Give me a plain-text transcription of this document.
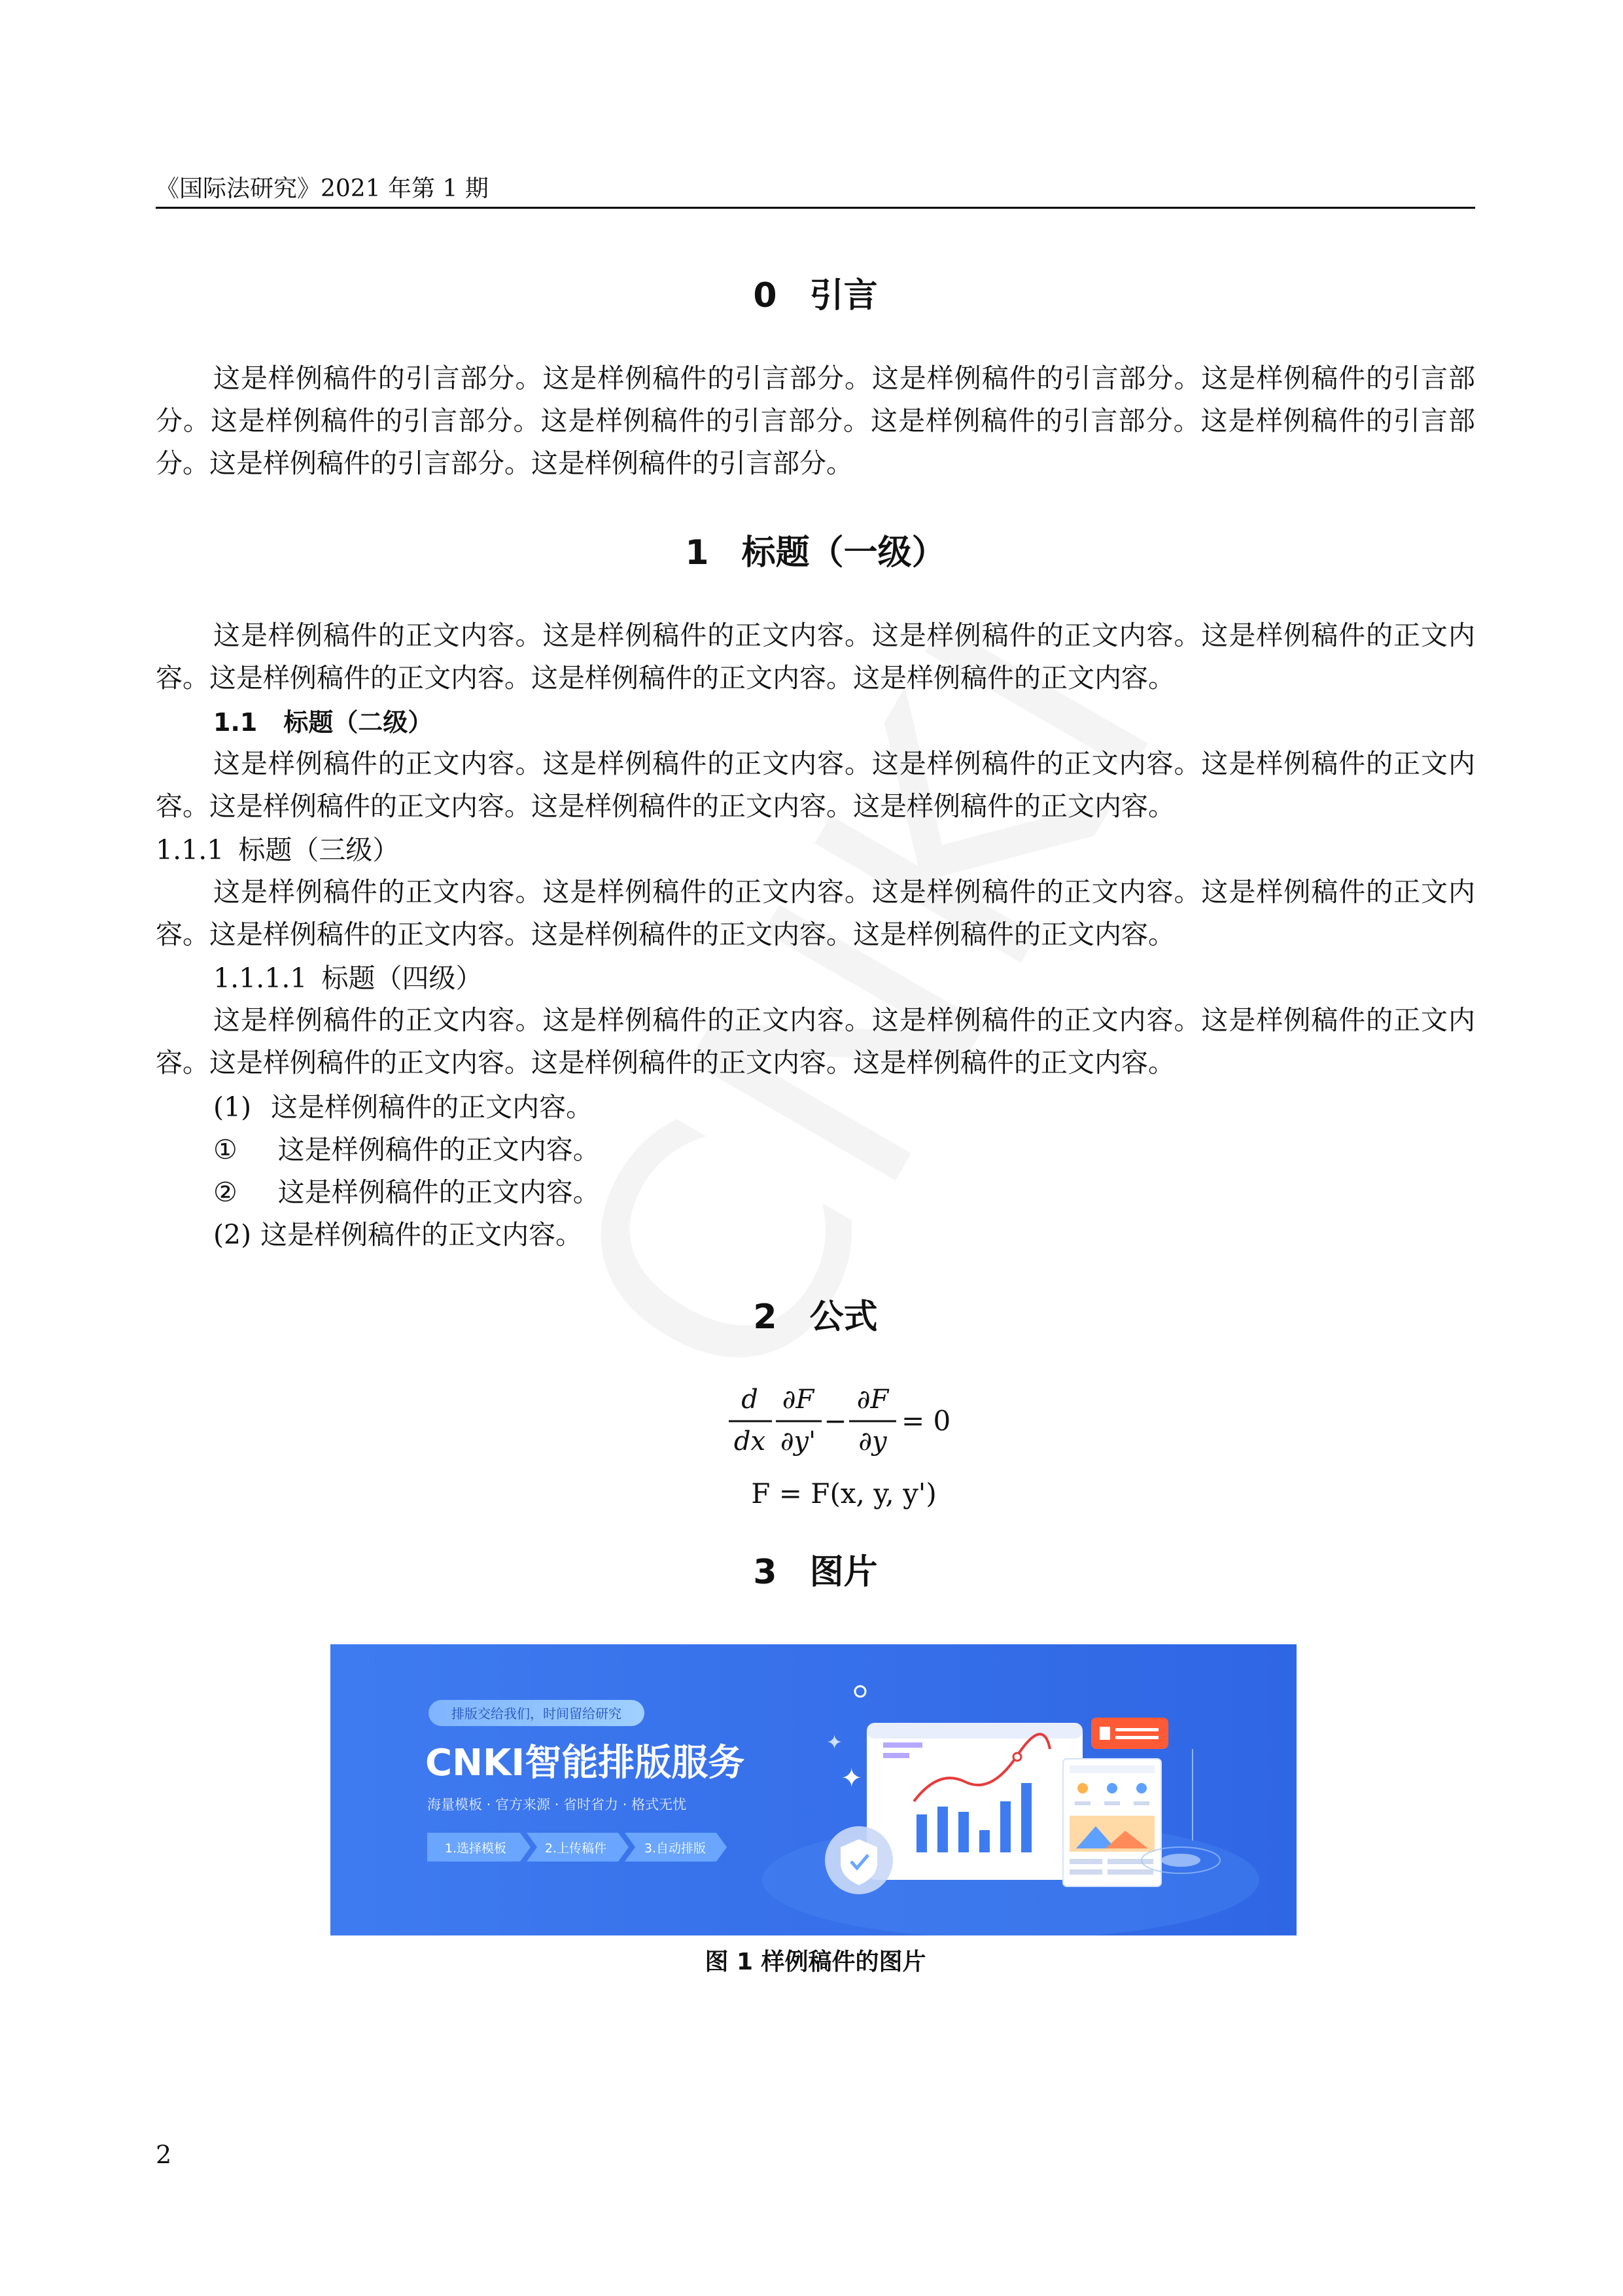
《国际法研究》2021 年第 1 期
0 引言
这是样例稿件的引言部分。这是样例稿件的引言部分。这是样例稿件的引言部分。这是样例稿件的引言部分。这是样例稿件的引言部分。这是样例稿件的引言部分。这是样例稿件的引言部分。这是样例稿件的引言部分。这是样例稿件的引言部分。这是样例稿件的引言部分。
1 标题（一级）
这是样例稿件的正文内容。这是样例稿件的正文内容。这是样例稿件的正文内容。这是样例稿件的正文内容。这是样例稿件的正文内容。这是样例稿件的正文内容。这是样例稿件的正文内容。
1.1 标题（二级）
这是样例稿件的正文内容。这是样例稿件的正文内容。这是样例稿件的正文内容。这是样例稿件的正文内容。这是样例稿件的正文内容。这是样例稿件的正文内容。这是样例稿件的正文内容。
1.1.1 标题（三级）
这是样例稿件的正文内容。这是样例稿件的正文内容。这是样例稿件的正文内容。这是样例稿件的正文内容。这是样例稿件的正文内容。这是样例稿件的正文内容。这是样例稿件的正文内容。
1.1.1.1 标题（四级）
这是样例稿件的正文内容。这是样例稿件的正文内容。这是样例稿件的正文内容。这是样例稿件的正文内容。这是样例稿件的正文内容。这是样例稿件的正文内容。这是样例稿件的正文内容。
(1) 这是样例稿件的正文内容。
① 这是样例稿件的正文内容。
② 这是样例稿件的正文内容。
(2) 这是样例稿件的正文内容。
2 公式
d
dx
∂F
∂y'
∂F
∂y
− = 0
F = F(x, y, y')
3 图片
✦
✦
排版交给我们，时间留给研究
CNKI智能排版服务
海量模板 · 官方来源 · 省时省力 · 格式无忧
1.选择模板	2.上传稿件	3.自动排版
图 1 样例稿件的图片
2
